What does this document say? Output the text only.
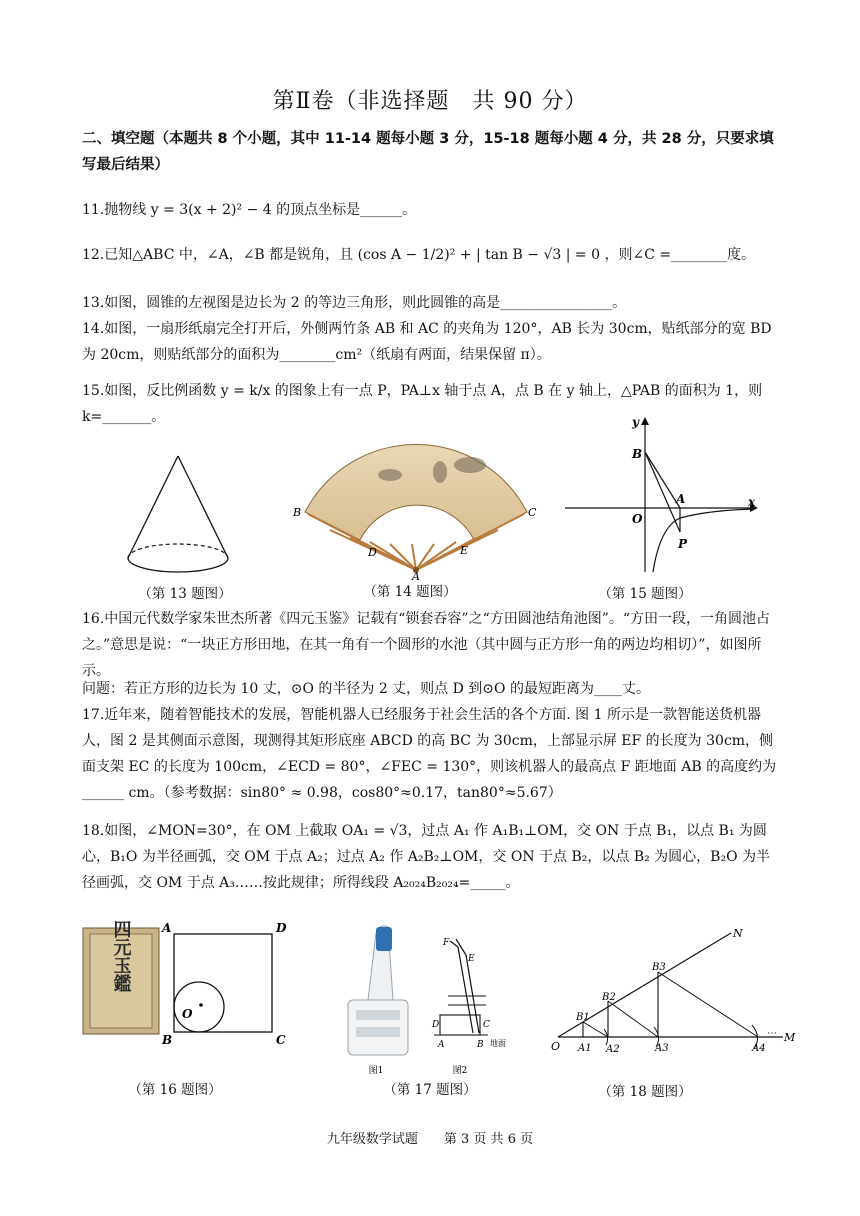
第Ⅱ卷（非选择题　共 90 分）
二、填空题（本题共 8 个小题，其中 11-14 题每小题 3 分，15-18 题每小题 4 分，共 28 分，只要求填写最后结果）
11.抛物线 y = 3(x + 2)² − 4 的顶点坐标是______。
12.已知△ABC 中，∠A，∠B 都是锐角，且 (cos A − 1/2)² + | tan B − √3 | = 0 ，则∠C =________度。
13.如图，圆锥的左视图是边长为 2 的等边三角形，则此圆锥的高是________________。
14.如图，一扇形纸扇完全打开后，外侧两竹条 AB 和 AC 的夹角为 120°，AB 长为 30cm，贴纸部分的宽 BD 为 20cm，则贴纸部分的面积为________cm²（纸扇有两面，结果保留 π）。
15.如图，反比例函数 y = k/x 的图象上有一点 P，PA⊥x 轴于点 A，点 B 在 y 轴上，△PAB 的面积为 1，则 k=_______。
B	C
D	E
A
y
x
B
A
O
P
（第 13 题图）	（第 14 题图）	（第 15 题图）
16.中国元代数学家朱世杰所著《四元玉鉴》记载有“锁套吞容”之“方田圆池结角池图”。“方田一段，一角圆池占之。”意思是说：“一块正方形田地，在其一角有一个圆形的水池（其中圆与正方形一角的两边均相切）”，如图所示。
问题：若正方形的边长为 10 丈，⊙O 的半径为 2 丈，则点 D 到⊙O 的最短距离为____丈。
17.近年来，随着智能技术的发展，智能机器人已经服务于社会生活的各个方面. 图 1 所示是一款智能送货机器人，图 2 是其侧面示意图，现测得其矩形底座 ABCD 的高 BC 为 30cm，上部显示屏 EF 的长度为 30cm，侧面支架 EC 的长度为 100cm，∠ECD = 80°，∠FEC = 130°，则该机器人的最高点 F 距地面 AB 的高度约为______ cm。（参考数据：sin80° ≈ 0.98，cos80°≈0.17，tan80°≈5.67）
18.如图，∠MON=30°，在 OM 上截取 OA₁ = √3，过点 A₁ 作 A₁B₁⊥OM，交 ON 于点 B₁，以点 B₁ 为圆心，B₁O 为半径画弧，交 OM 于点 A₂；过点 A₂ 作 A₂B₂⊥OM，交 ON 于点 B₂，以点 B₂ 为圆心，B₂O 为半径画弧，交 OM 于点 A₃……按此规律；所得线段 A₂₀₂₄B₂₀₂₄=_____。
四元玉鑑	A	D
B	C
O
图1
F
E
D	C
A	B 地面
图2
N
B3
B2
B1
O A1 A2	A3	A4
M
⋯
（第 16 题图）	（第 17 题图）	（第 18 题图）
九年级数学试题　　第 3 页 共 6 页
